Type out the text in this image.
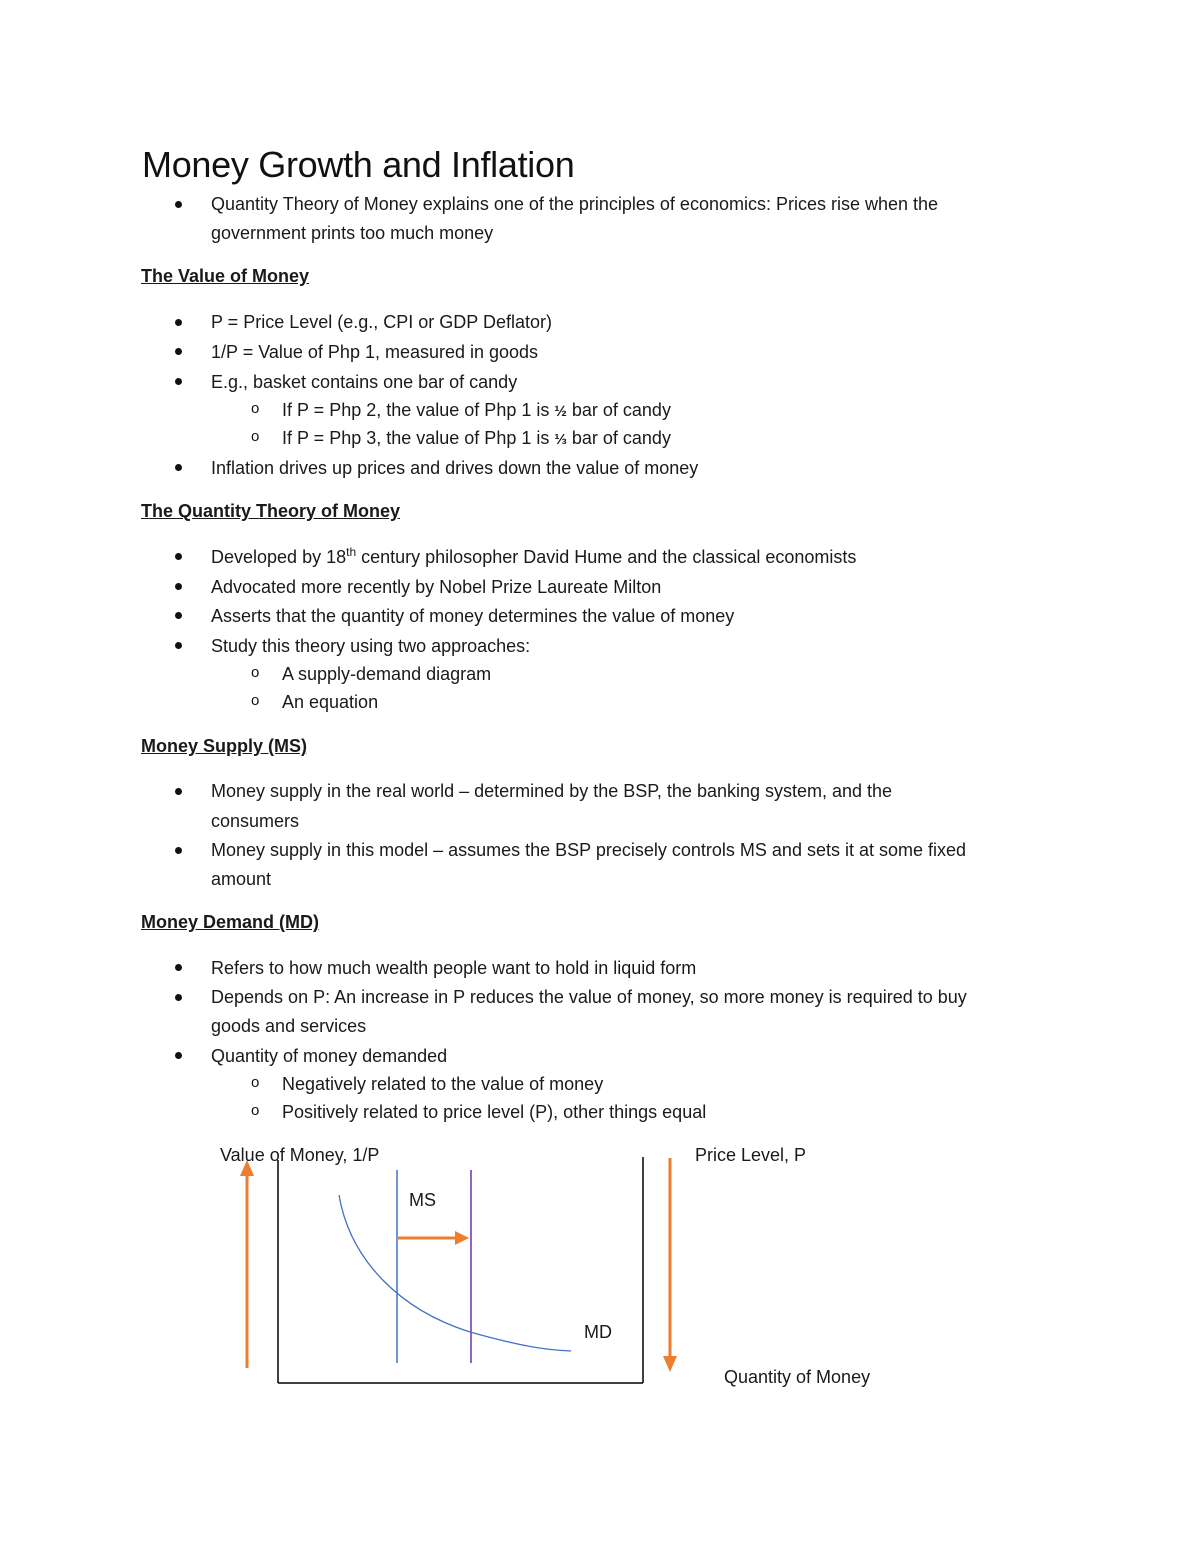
Money Growth and Inflation
Quantity Theory of Money explains one of the principles of economics: Prices rise when the
government prints too much money
The Value of Money
P = Price Level (e.g., CPI or GDP Deflator)
1/P = Value of Php 1, measured in goods
E.g., basket contains one bar of candy
o If P = Php 2, the value of Php 1 is ½ bar of candy
o If P = Php 3, the value of Php 1 is ⅓ bar of candy
Inflation drives up prices and drives down the value of money
The Quantity Theory of Money
Developed by 18th century philosopher David Hume and the classical economists
Advocated more recently by Nobel Prize Laureate Milton
Asserts that the quantity of money determines the value of money
Study this theory using two approaches:
o A supply-demand diagram
o An equation
Money Supply (MS)
Money supply in the real world – determined by the BSP, the banking system, and the
consumers
Money supply in this model – assumes the BSP precisely controls MS and sets it at some fixed
amount
Money Demand (MD)
Refers to how much wealth people want to hold in liquid form
Depends on P: An increase in P reduces the value of money, so more money is required to buy
goods and services
Quantity of money demanded
o Negatively related to the value of money
o Positively related to price level (P), other things equal
Value of Money, 1/P	Price Level, P
MS
MD
Quantity of Money
